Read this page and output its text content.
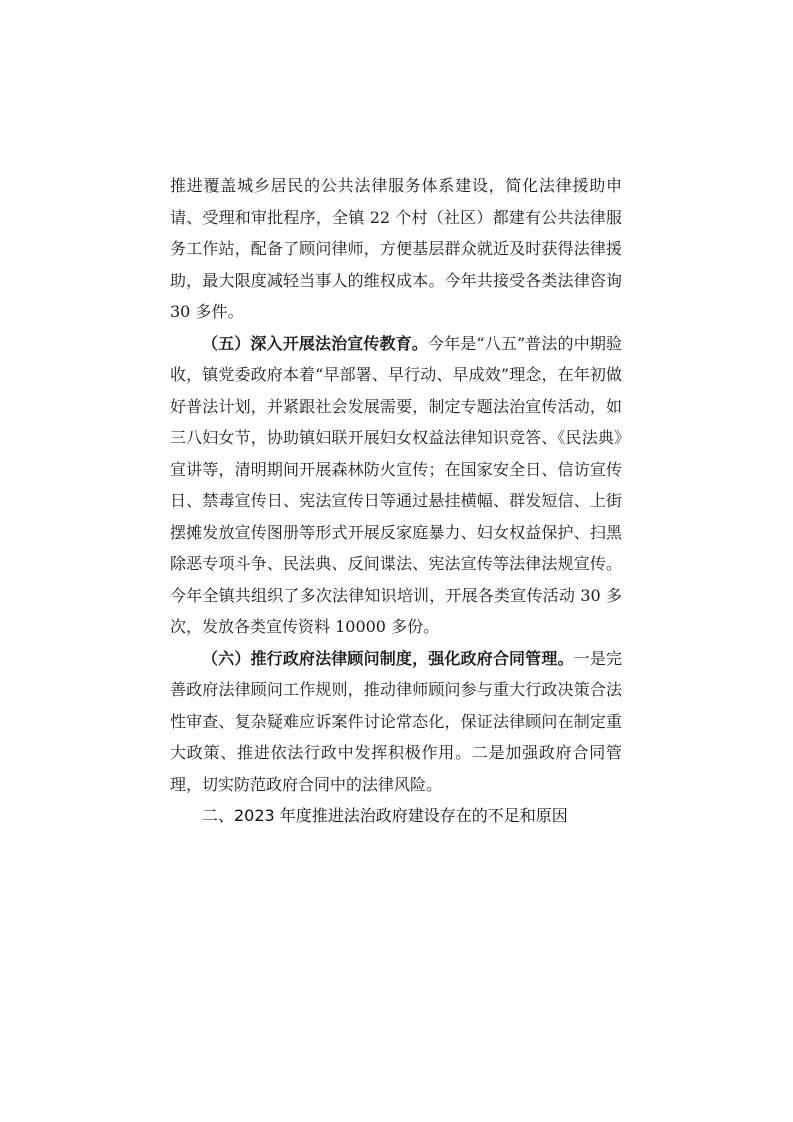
推进覆盖城乡居民的公共法律服务体系建设，简化法律援助申请、受理和审批程序，全镇 22 个村（社区）都建有公共法律服务工作站，配备了顾问律师，方便基层群众就近及时获得法律援助，最大限度减轻当事人的维权成本。今年共接受各类法律咨询 30 多件。

（五）深入开展法治宣传教育。今年是“八五”普法的中期验收，镇党委政府本着“早部署、早行动、早成效”理念，在年初做好普法计划，并紧跟社会发展需要，制定专题法治宣传活动，如三八妇女节，协助镇妇联开展妇女权益法律知识竞答、《民法典》宣讲等，清明期间开展森林防火宣传；在国家安全日、信访宣传日、禁毒宣传日、宪法宣传日等通过悬挂横幅、群发短信、上街摆摊发放宣传图册等形式开展反家庭暴力、妇女权益保护、扫黑除恶专项斗争、民法典、反间谍法、宪法宣传等法律法规宣传。今年全镇共组织了多次法律知识培训，开展各类宣传活动 30 多次，发放各类宣传资料 10000 多份。

（六）推行政府法律顾问制度，强化政府合同管理。一是完善政府法律顾问工作规则，推动律师顾问参与重大行政决策合法性审查、复杂疑难应诉案件讨论常态化，保证法律顾问在制定重大政策、推进依法行政中发挥积极作用。二是加强政府合同管理，切实防范政府合同中的法律风险。

二、2023 年度推进法治政府建设存在的不足和原因
